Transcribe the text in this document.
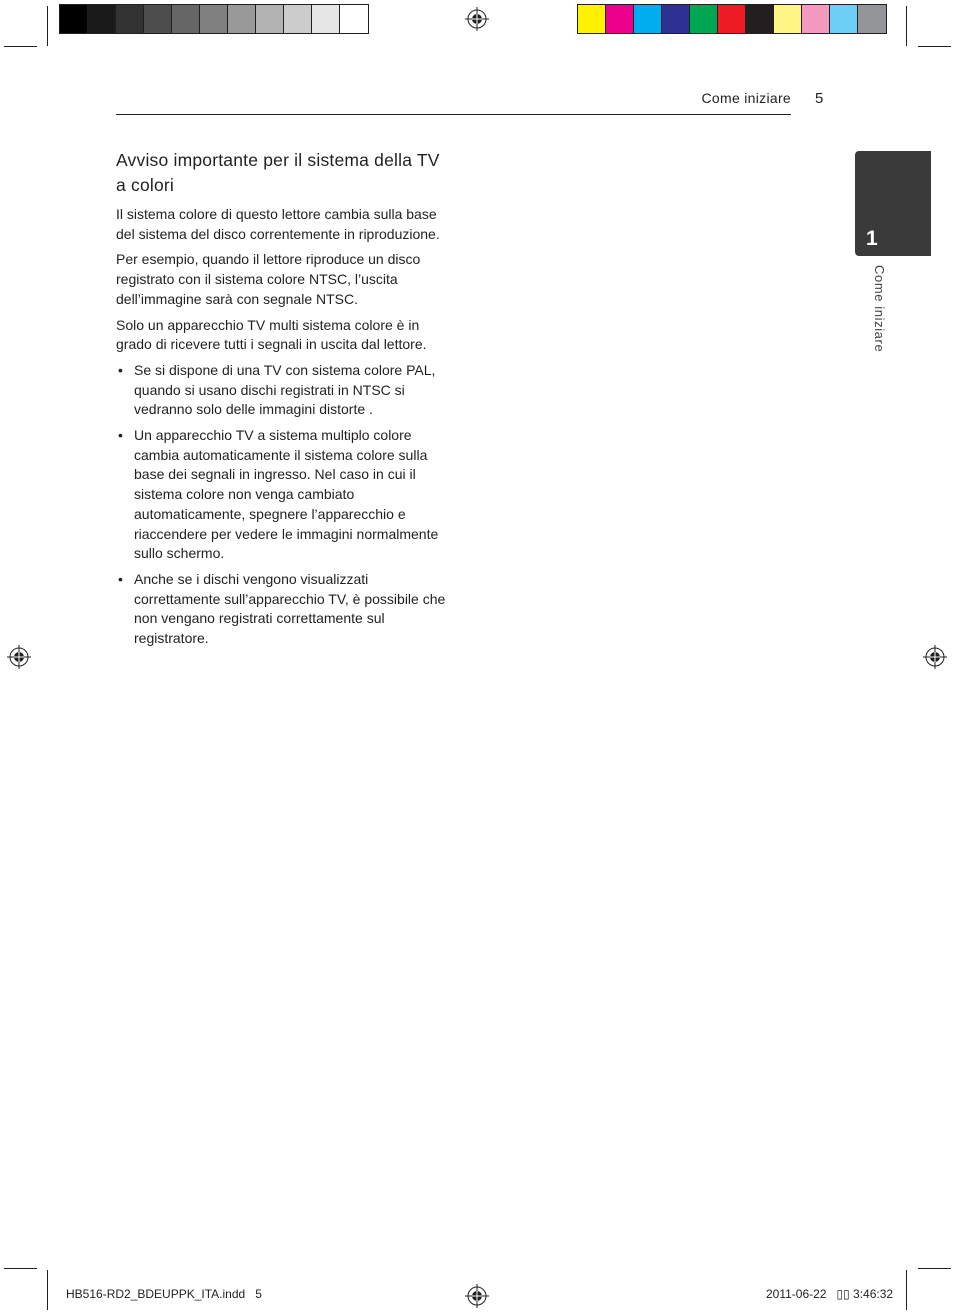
Come iniziare 5
1
Come iniziare
Avviso importante per il sistema della TV a colori

Il sistema colore di questo lettore cambia sulla base del sistema del disco correntemente in riproduzione.

Per esempio, quando il lettore riproduce un disco registrato con il sistema colore NTSC, l’uscita dell’immagine sarà con segnale NTSC.

Solo un apparecchio TV multi sistema colore è in grado di ricevere tutti i segnali in uscita dal lettore.

• Se si dispone di una TV con sistema colore PAL, quando si usano dischi registrati in NTSC si vedranno solo delle immagini distorte .
• Un apparecchio TV a sistema multiplo colore cambia automaticamente il sistema colore sulla base dei segnali in ingresso. Nel caso in cui il sistema colore non venga cambiato automaticamente, spegnere l’apparecchio e riaccendere per vedere le immagini normalmente sullo schermo.
• Anche se i dischi vengono visualizzati correttamente sull’apparecchio TV, è possibile che non vengano registrati correttamente sul registratore.
HB516-RD2_BDEUPPK_ITA.indd   5	2011-06-22   ▯▯ 3:46:32
